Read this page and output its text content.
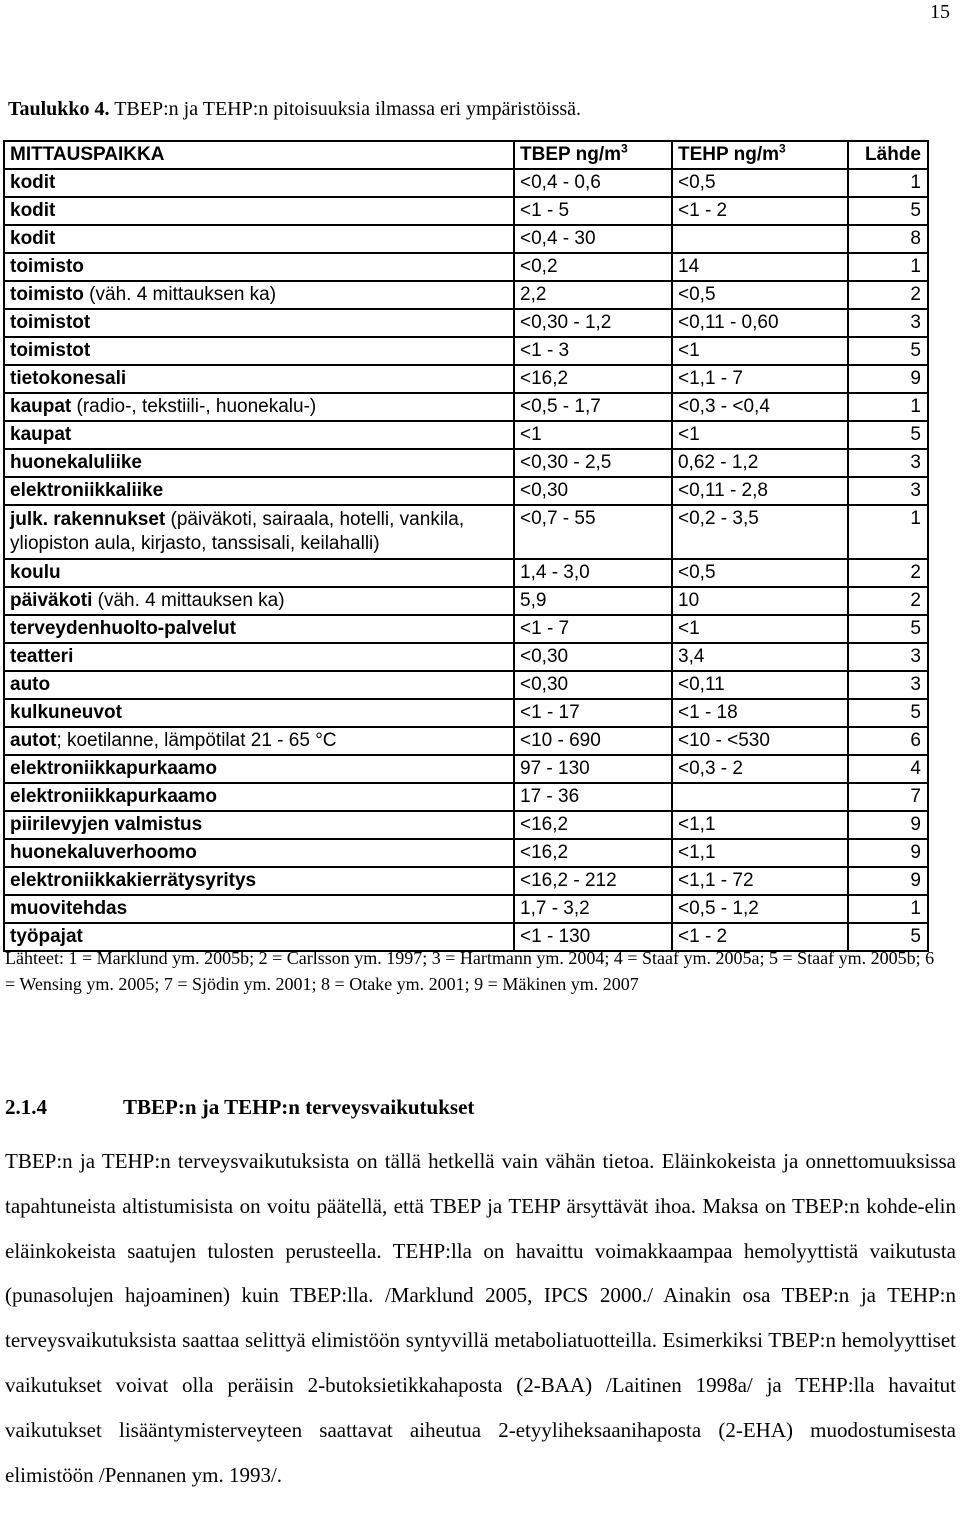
15
Taulukko 4. TBEP:n ja TEHP:n pitoisuuksia ilmassa eri ympäristöissä.
MITTAUSPAIKKA	TBEP $ng/m^3$	TEHP $ng/m^3$	Lähde
kodit	<0,4 - 0,6	<0,5	1
kodit	<1 - 5	<1 - 2	5
kodit	<0,4 - 30		8
toimisto	<0,2	14	1
toimisto (väh. 4 mittauksen ka)	2,2	<0,5	2
toimistot	<0,30 - 1,2	<0,11 - 0,60	3
toimistot	<1 - 3	<1	5
tietokonesali	<16,2	<1,1 - 7	9
kaupat (radio-, tekstiili-, huonekalu-)	<0,5 - 1,7	<0,3 - <0,4	1
kaupat	<1	<1	5
huonekaluliike	<0,30 - 2,5	0,62 - 1,2	3
elektroniikkaliike	<0,30	<0,11 - 2,8	3
julk. rakennukset (päiväkoti, sairaala, hotelli, vankila, yliopiston aula, kirjasto, tanssisali, keilahalli)	<0,7 - 55	<0,2 - 3,5	1
koulu	1,4 - 3,0	<0,5	2
päiväkoti (väh. 4 mittauksen ka)	5,9	10	2
terveydenhuolto-palvelut	<1 - 7	<1	5
teatteri	<0,30	3,4	3
auto	<0,30	<0,11	3
kulkuneuvot	<1 - 17	<1 - 18	5
autot; koetilanne, lämpötilat 21 - 65 °C	<10 - 690	<10 - <530	6
elektroniikkapurkaamo	97 - 130	<0,3 - 2	4
elektroniikkapurkaamo	17 - 36		7
piirilevyjen valmistus	<16,2	<1,1	9
huonekaluverhoomo	<16,2	<1,1	9
elektroniikkakierrätysyritys	<16,2 - 212	<1,1 - 72	9
muovitehdas	1,7 - 3,2	<0,5 - 1,2	1
työpajat	<1 - 130	<1 - 2	5
Lähteet: 1 = Marklund ym. 2005b; 2 = Carlsson ym. 1997; 3 = Hartmann ym. 2004; 4 = Staaf ym. 2005a; 5 = Staaf ym. 2005b; 6 = Wensing ym. 2005; 7 = Sjödin ym. 2001; 8 = Otake ym. 2001; 9 = Mäkinen ym. 2007
2.1.4	TBEP:n ja TEHP:n terveysvaikutukset
TBEP:n ja TEHP:n terveysvaikutuksista on tällä hetkellä vain vähän tietoa. Eläinkokeista ja onnettomuuksissa tapahtuneista altistumisista on voitu päätellä, että TBEP ja TEHP ärsyttävät ihoa. Maksa on TBEP:n kohde-elin eläinkokeista saatujen tulosten perusteella. TEHP:lla on havaittu voimakkaampaa hemolyyttistä vaikutusta (punasolujen hajoaminen) kuin TBEP:lla. /Marklund 2005, IPCS 2000./ Ainakin osa TBEP:n ja TEHP:n terveysvaikutuksista saattaa selittyä elimistöön syntyvillä metaboliatuotteilla. Esimerkiksi TBEP:n hemolyyttiset vaikutukset voivat olla peräisin 2-butoksietikkahaposta (2-BAA) /Laitinen 1998a/ ja TEHP:lla havaitut vaikutukset lisääntymisterveyteen saattavat aiheutua 2-etyyliheksaanihaposta (2-EHA) muodostumisesta elimistöön /Pennanen ym. 1993/.
